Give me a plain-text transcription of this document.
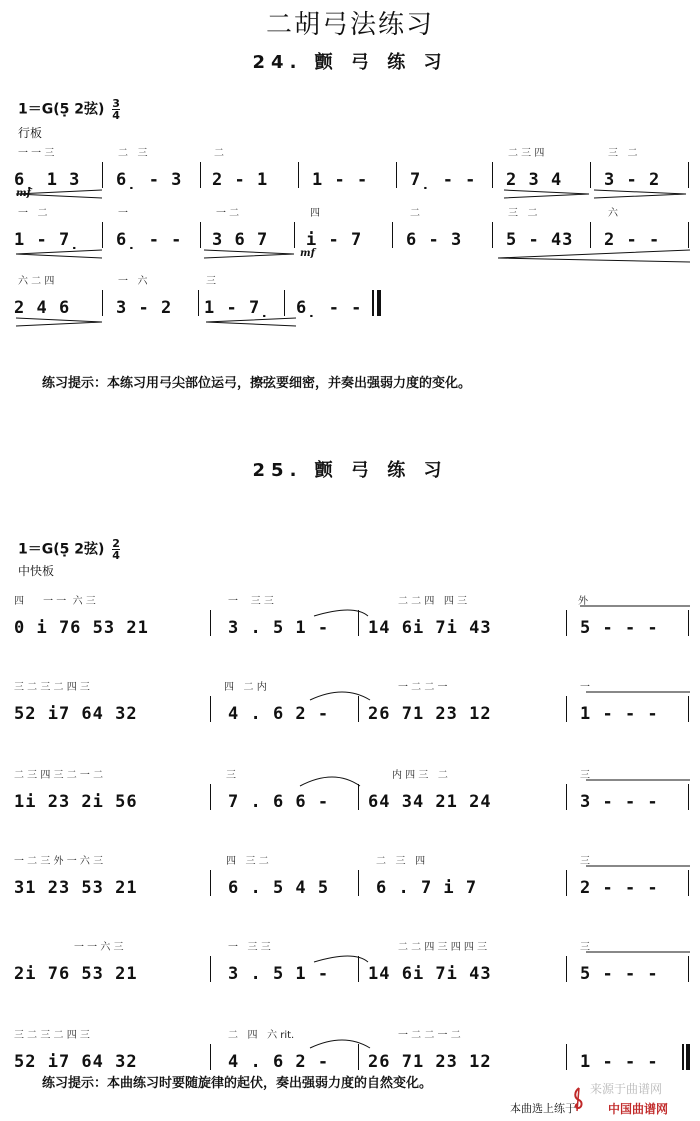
二胡弓法练习
24. 颤 弓 练 习
1＝G(5̣ 2弦) $\frac{3}{4}$
行板
一 一 三
6̣ 1 3
二   三
6̣ - 3
二
2 - 1	1 - - 7̣ - -
二 三 四
2 3 4
三   二
3 - 2
mf
一   二
1 - 7̣
一
6̣ - -
一 二
3 6 7
四
i - 7
二
6 - 3
三   二
5 - 43
六
2 - -
mf
六 二 四
2 4 6
一   六
3 - 2
三
1 - 7̣ 6̣ - -
练习提示：本练习用弓尖部位运弓，擦弦要细密，并奏出强弱力度的变化。
25. 颤 弓 练 习
1＝G(5̣ 2弦) $\frac{2}{4}$
中快板
四      一 一  六 三
0 i 76 53 21
一    三 三
3 . 5 1 -
二 二 四   四 三
14 6i 7i 43
外
5 - - -
三 二 三 二 四 三
52 i7 64 32
四   二 内
4 . 6 2 -
一 二 二 一
26 71 23 12
一
1 - - -
二 三 四 三 二 一 二
1i 23 2i 56
三
7 . 6 6 -
内 四 三   二
64 34 21 24
三
3 - - -
一 二 三 外 一 六 三
31 23 53 21
四   三 二
6 . 5 4 5
二   三   四
6 . 7 i 7
三
2 - - -
一 一 六 三
2i 76 53 21
一   三 三
3 . 5 1 -
二 二 四 三 四 四 三
14 6i 7i 43
三
5 - - -
三 二 三 二 四 三
52 i7 64 32
二   四   六 rit.
4 . 6 2 -
一 二 二 一 二
26 71 23 12	1 - - -
练习提示：本曲练习时要随旋律的起伏，奏出强弱力度的自然变化。
本曲选上练于
来源于曲谱网
中国曲谱网
